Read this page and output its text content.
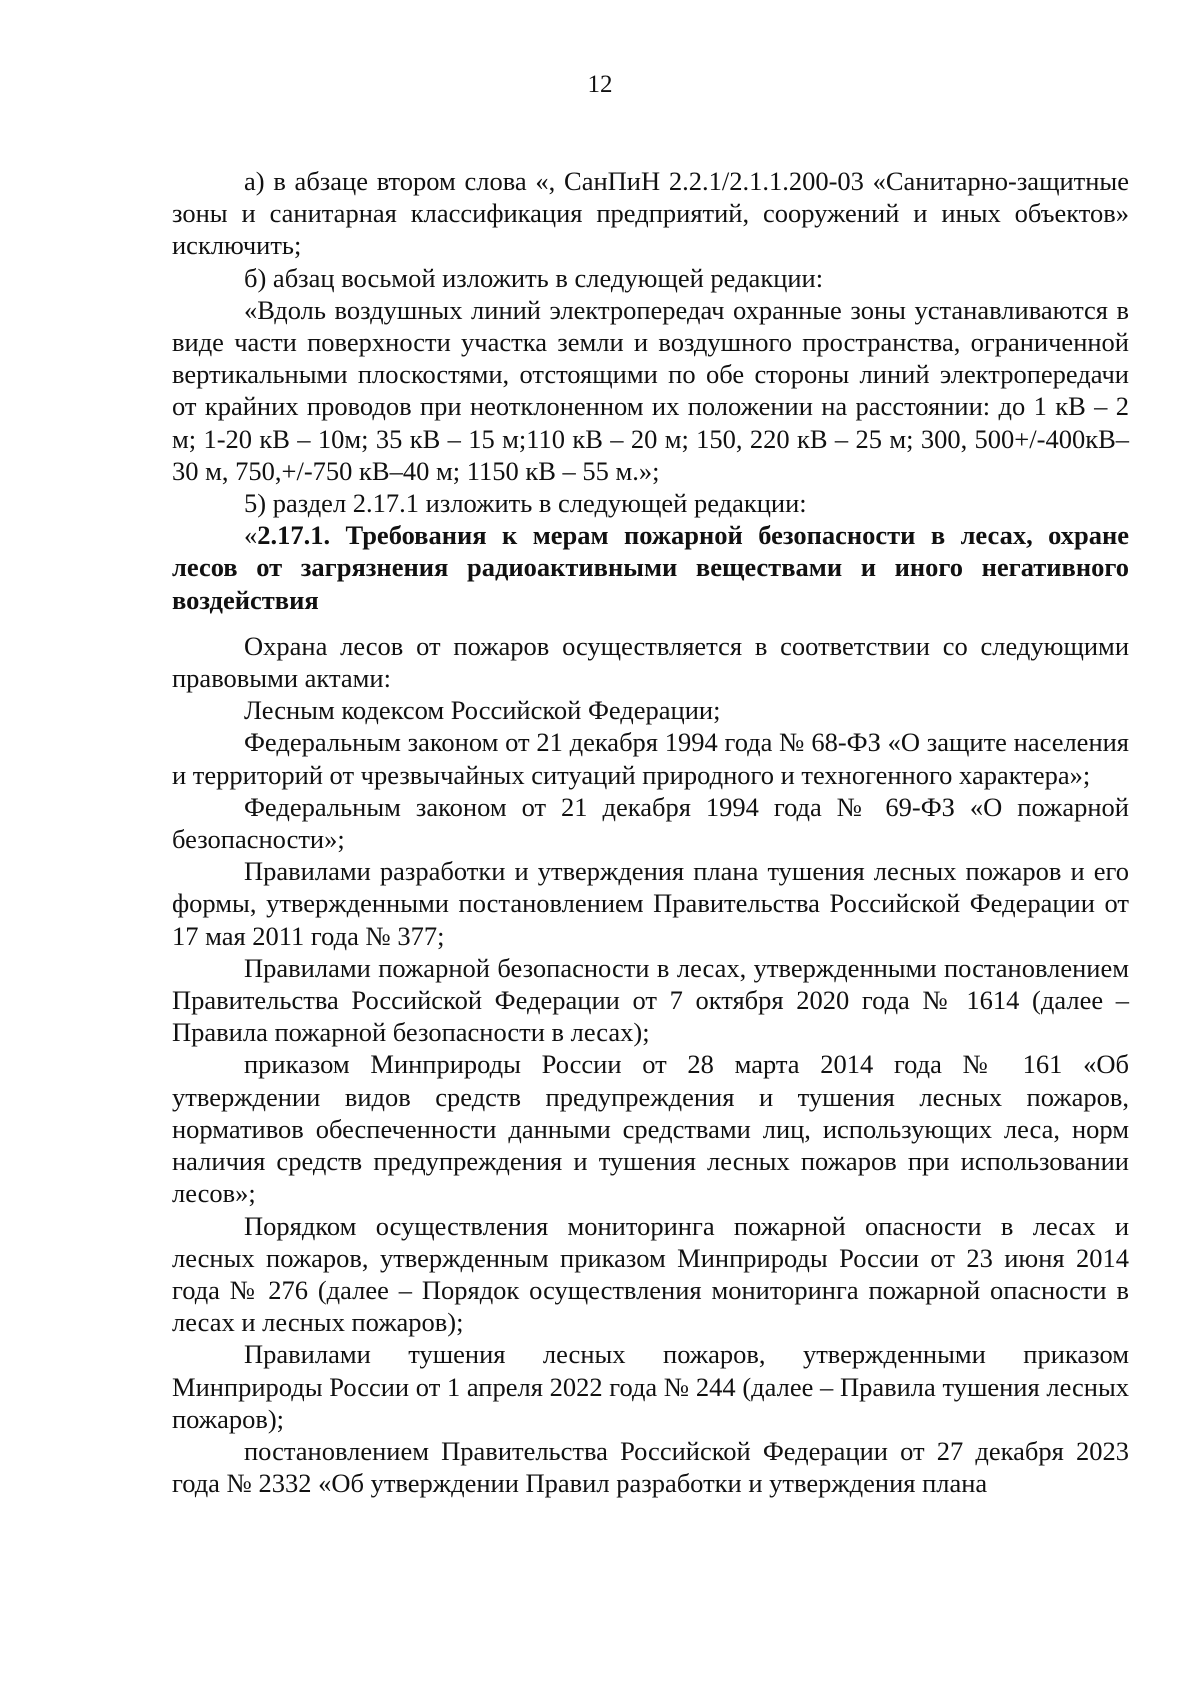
12

а) в абзаце втором слова «, СанПиН 2.2.1/2.1.1.200-03 «Санитарно-защитные зоны и санитарная классификация предприятий, сооружений и иных объектов» исключить;

б) абзац восьмой изложить в следующей редакции:

«Вдоль воздушных линий электропередач охранные зоны устанавливаются в виде части поверхности участка земли и воздушного пространства, ограниченной вертикальными плоскостями, отстоящими по обе стороны линий электропередачи от крайних проводов при неотклоненном их положении на расстоянии: до 1 кВ – 2 м; 1-20 кВ – 10м; 35 кВ – 15 м;110 кВ – 20 м; 150, 220 кВ – 25 м; 300, 500+/-400кВ–30 м, 750,+/-750 кВ–40 м; 1150 кВ – 55 м.»;

5) раздел 2.17.1 изложить в следующей редакции:

«2.17.1. Требования к мерам пожарной безопасности в лесах, охране лесов от загрязнения радиоактивными веществами и иного негативного воздействия

Охрана лесов от пожаров осуществляется в соответствии со следующими правовыми актами:

Лесным кодексом Российской Федерации;

Федеральным законом от 21 декабря 1994 года № 68-ФЗ «О защите населения и территорий от чрезвычайных ситуаций природного и техногенного характера»;

Федеральным законом от 21 декабря 1994 года № 69-ФЗ «О пожарной безопасности»;

Правилами разработки и утверждения плана тушения лесных пожаров и его формы, утвержденными постановлением Правительства Российской Федерации от 17 мая 2011 года № 377;

Правилами пожарной безопасности в лесах, утвержденными постановлением Правительства Российской Федерации от 7 октября 2020 года № 1614 (далее – Правила пожарной безопасности в лесах);

приказом Минприроды России от 28 марта 2014 года № 161 «Об утверждении видов средств предупреждения и тушения лесных пожаров, нормативов обеспеченности данными средствами лиц, использующих леса, норм наличия средств предупреждения и тушения лесных пожаров при использовании лесов»;

Порядком осуществления мониторинга пожарной опасности в лесах и лесных пожаров, утвержденным приказом Минприроды России от 23 июня 2014 года № 276 (далее – Порядок осуществления мониторинга пожарной опасности в лесах и лесных пожаров);

Правилами тушения лесных пожаров, утвержденными приказом Минприроды России от 1 апреля 2022 года № 244 (далее – Правила тушения лесных пожаров);

постановлением Правительства Российской Федерации от 27 декабря 2023 года № 2332 «Об утверждении Правил разработки и утверждения плана
